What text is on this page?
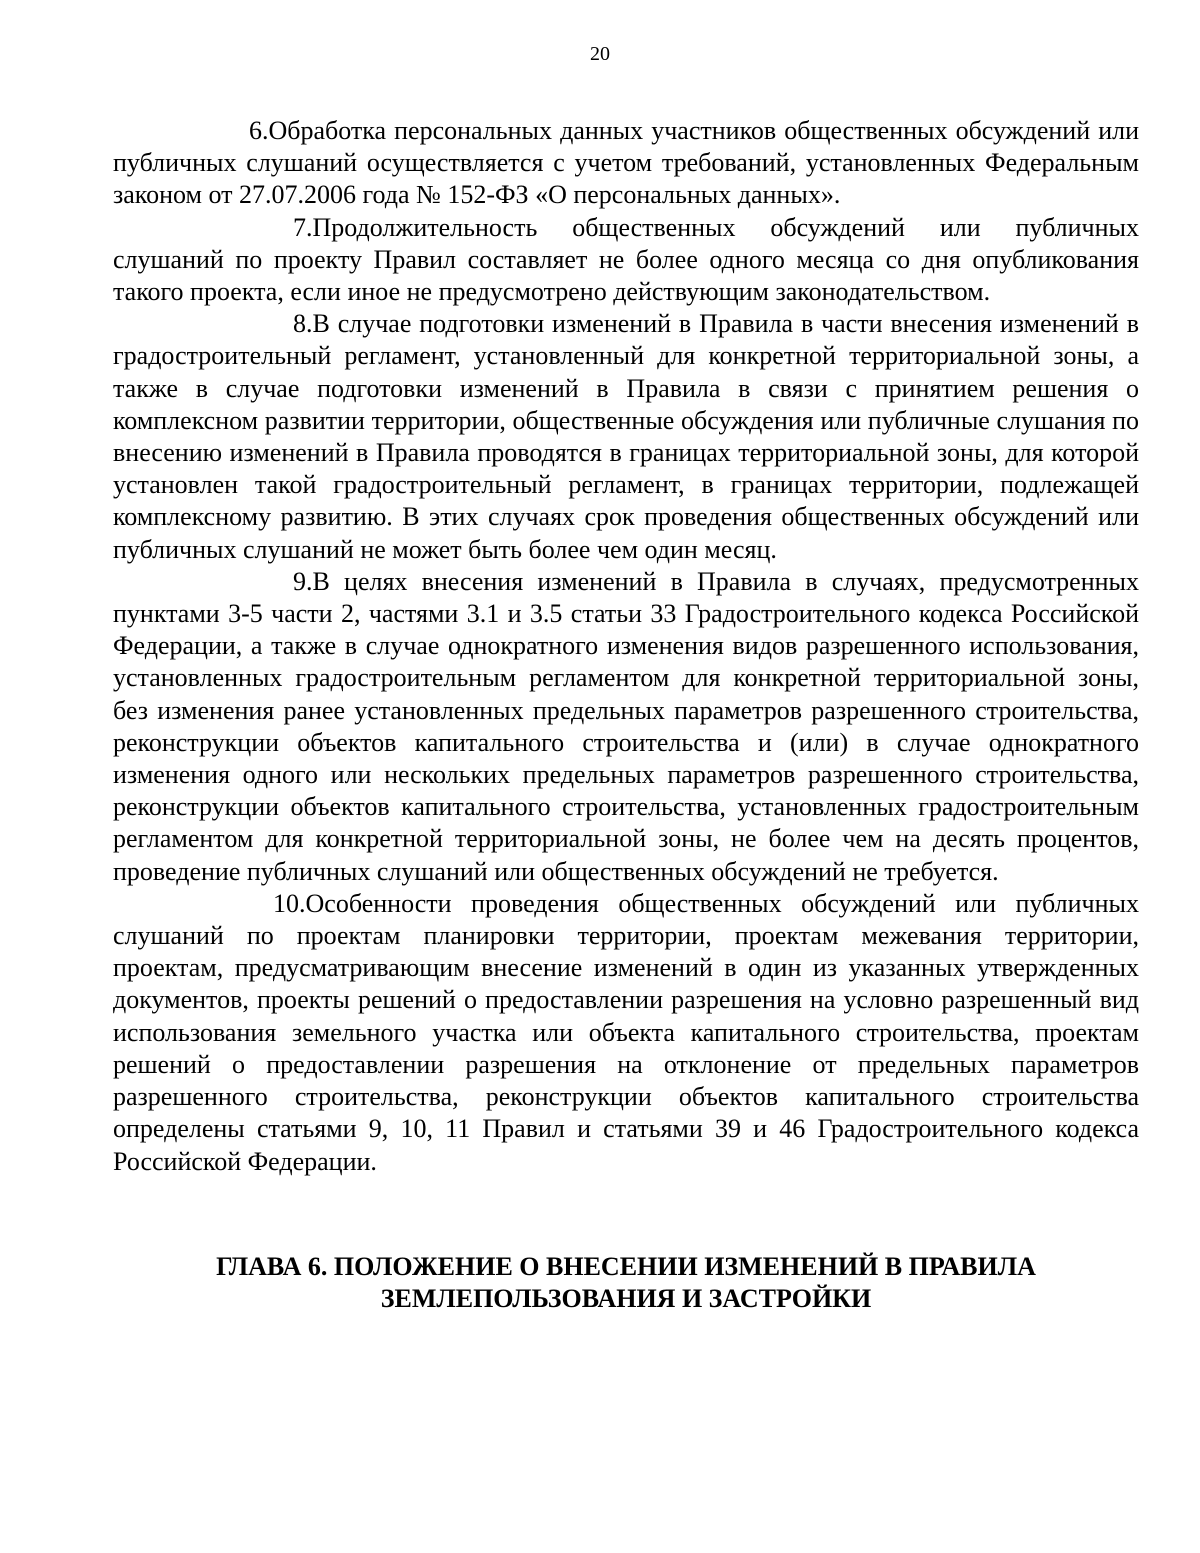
20

6.Обработка персональных данных участников общественных обсуждений или публичных слушаний осуществляется с учетом требований, установленных Федеральным законом от 27.07.2006 года № 152-ФЗ «О персональных данных».

7.Продолжительность общественных обсуждений или публичных слушаний по проекту Правил составляет не более одного месяца со дня опубликования такого проекта, если иное не предусмотрено действующим законодательством.

8.В случае подготовки изменений в Правила в части внесения изменений в градостроительный регламент, установленный для конкретной территориальной зоны, а также в случае подготовки изменений в Правила в связи с принятием решения о комплексном развитии территории, общественные обсуждения или публичные слушания по внесению изменений в Правила проводятся в границах территориальной зоны, для которой установлен такой градостроительный регламент, в границах территории, подлежащей комплексному развитию. В этих случаях срок проведения общественных обсуждений или публичных слушаний не может быть более чем один месяц.

9.В целях внесения изменений в Правила в случаях, предусмотренных пунктами 3-5 части 2, частями 3.1 и 3.5 статьи 33 Градостроительного кодекса Российской Федерации, а также в случае однократного изменения видов разрешенного использования, установленных градостроительным регламентом для конкретной территориальной зоны, без изменения ранее установленных предельных параметров разрешенного строительства, реконструкции объектов капитального строительства и (или) в случае однократного изменения одного или нескольких предельных параметров разрешенного строительства, реконструкции объектов капитального строительства, установленных градостроительным регламентом для конкретной территориальной зоны, не более чем на десять процентов, проведение публичных слушаний или общественных обсуждений не требуется.

10.Особенности проведения общественных обсуждений или публичных слушаний по проектам планировки территории, проектам межевания территории, проектам, предусматривающим внесение изменений в один из указанных утвержденных документов, проекты решений о предоставлении разрешения на условно разрешенный вид использования земельного участка или объекта капитального строительства, проектам решений о предоставлении разрешения на отклонение от предельных параметров разрешенного строительства, реконструкции объектов капитального строительства определены статьями 9, 10, 11 Правил и статьями 39 и 46 Градостроительного кодекса Российской Федерации.

ГЛАВА 6. ПОЛОЖЕНИЕ О ВНЕСЕНИИ ИЗМЕНЕНИЙ В ПРАВИЛА
ЗЕМЛЕПОЛЬЗОВАНИЯ И ЗАСТРОЙКИ
